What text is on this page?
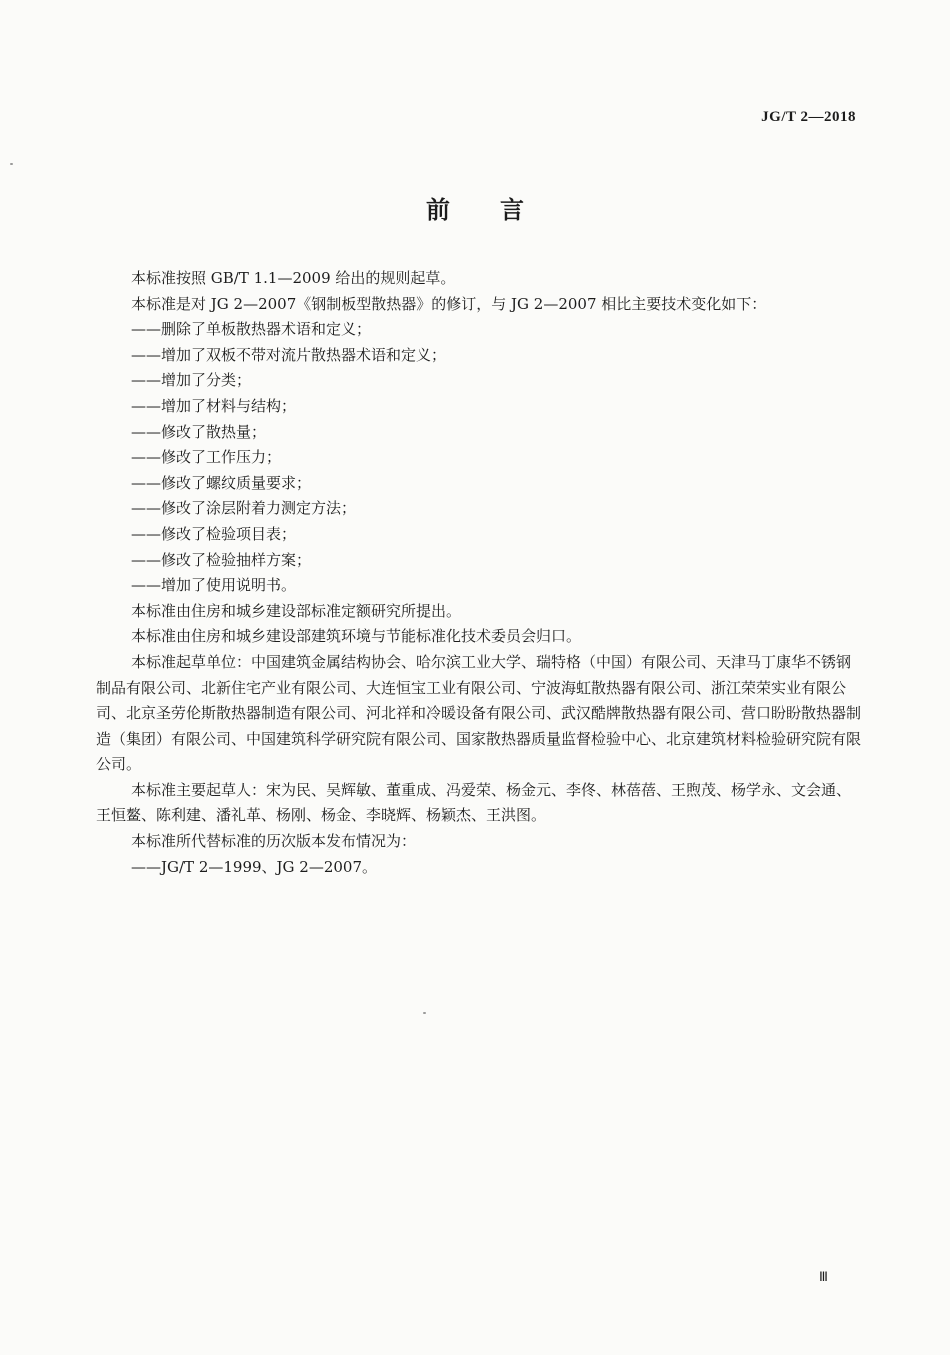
JG/T 2—2018
前言

本标准按照 GB/T 1.1—2009 给出的规则起草。

本标准是对 JG 2—2007《钢制板型散热器》的修订，与 JG 2—2007 相比主要技术变化如下：

——删除了单板散热器术语和定义；

——增加了双板不带对流片散热器术语和定义；

——增加了分类；

——增加了材料与结构；

——修改了散热量；

——修改了工作压力；

——修改了螺纹质量要求；

——修改了涂层附着力测定方法；

——修改了检验项目表；

——修改了检验抽样方案；

——增加了使用说明书。

本标准由住房和城乡建设部标准定额研究所提出。

本标准由住房和城乡建设部建筑环境与节能标准化技术委员会归口。

本标准起草单位：中国建筑金属结构协会、哈尔滨工业大学、瑞特格（中国）有限公司、天津马丁康华不锈钢制品有限公司、北新住宅产业有限公司、大连恒宝工业有限公司、宁波海虹散热器有限公司、浙江荣荣实业有限公司、北京圣劳伦斯散热器制造有限公司、河北祥和冷暖设备有限公司、武汉酷牌散热器有限公司、营口盼盼散热器制造（集团）有限公司、中国建筑科学研究院有限公司、国家散热器质量监督检验中心、北京建筑材料检验研究院有限公司。

本标准主要起草人：宋为民、吴辉敏、董重成、冯爱荣、杨金元、李佟、林蓓蓓、王煦茂、杨学永、文会通、王恒鳌、陈利建、潘礼革、杨刚、杨金、李晓辉、杨颖杰、王洪图。

本标准所代替标准的历次版本发布情况为：

——JG/T 2—1999、JG 2—2007。

Ⅲ
